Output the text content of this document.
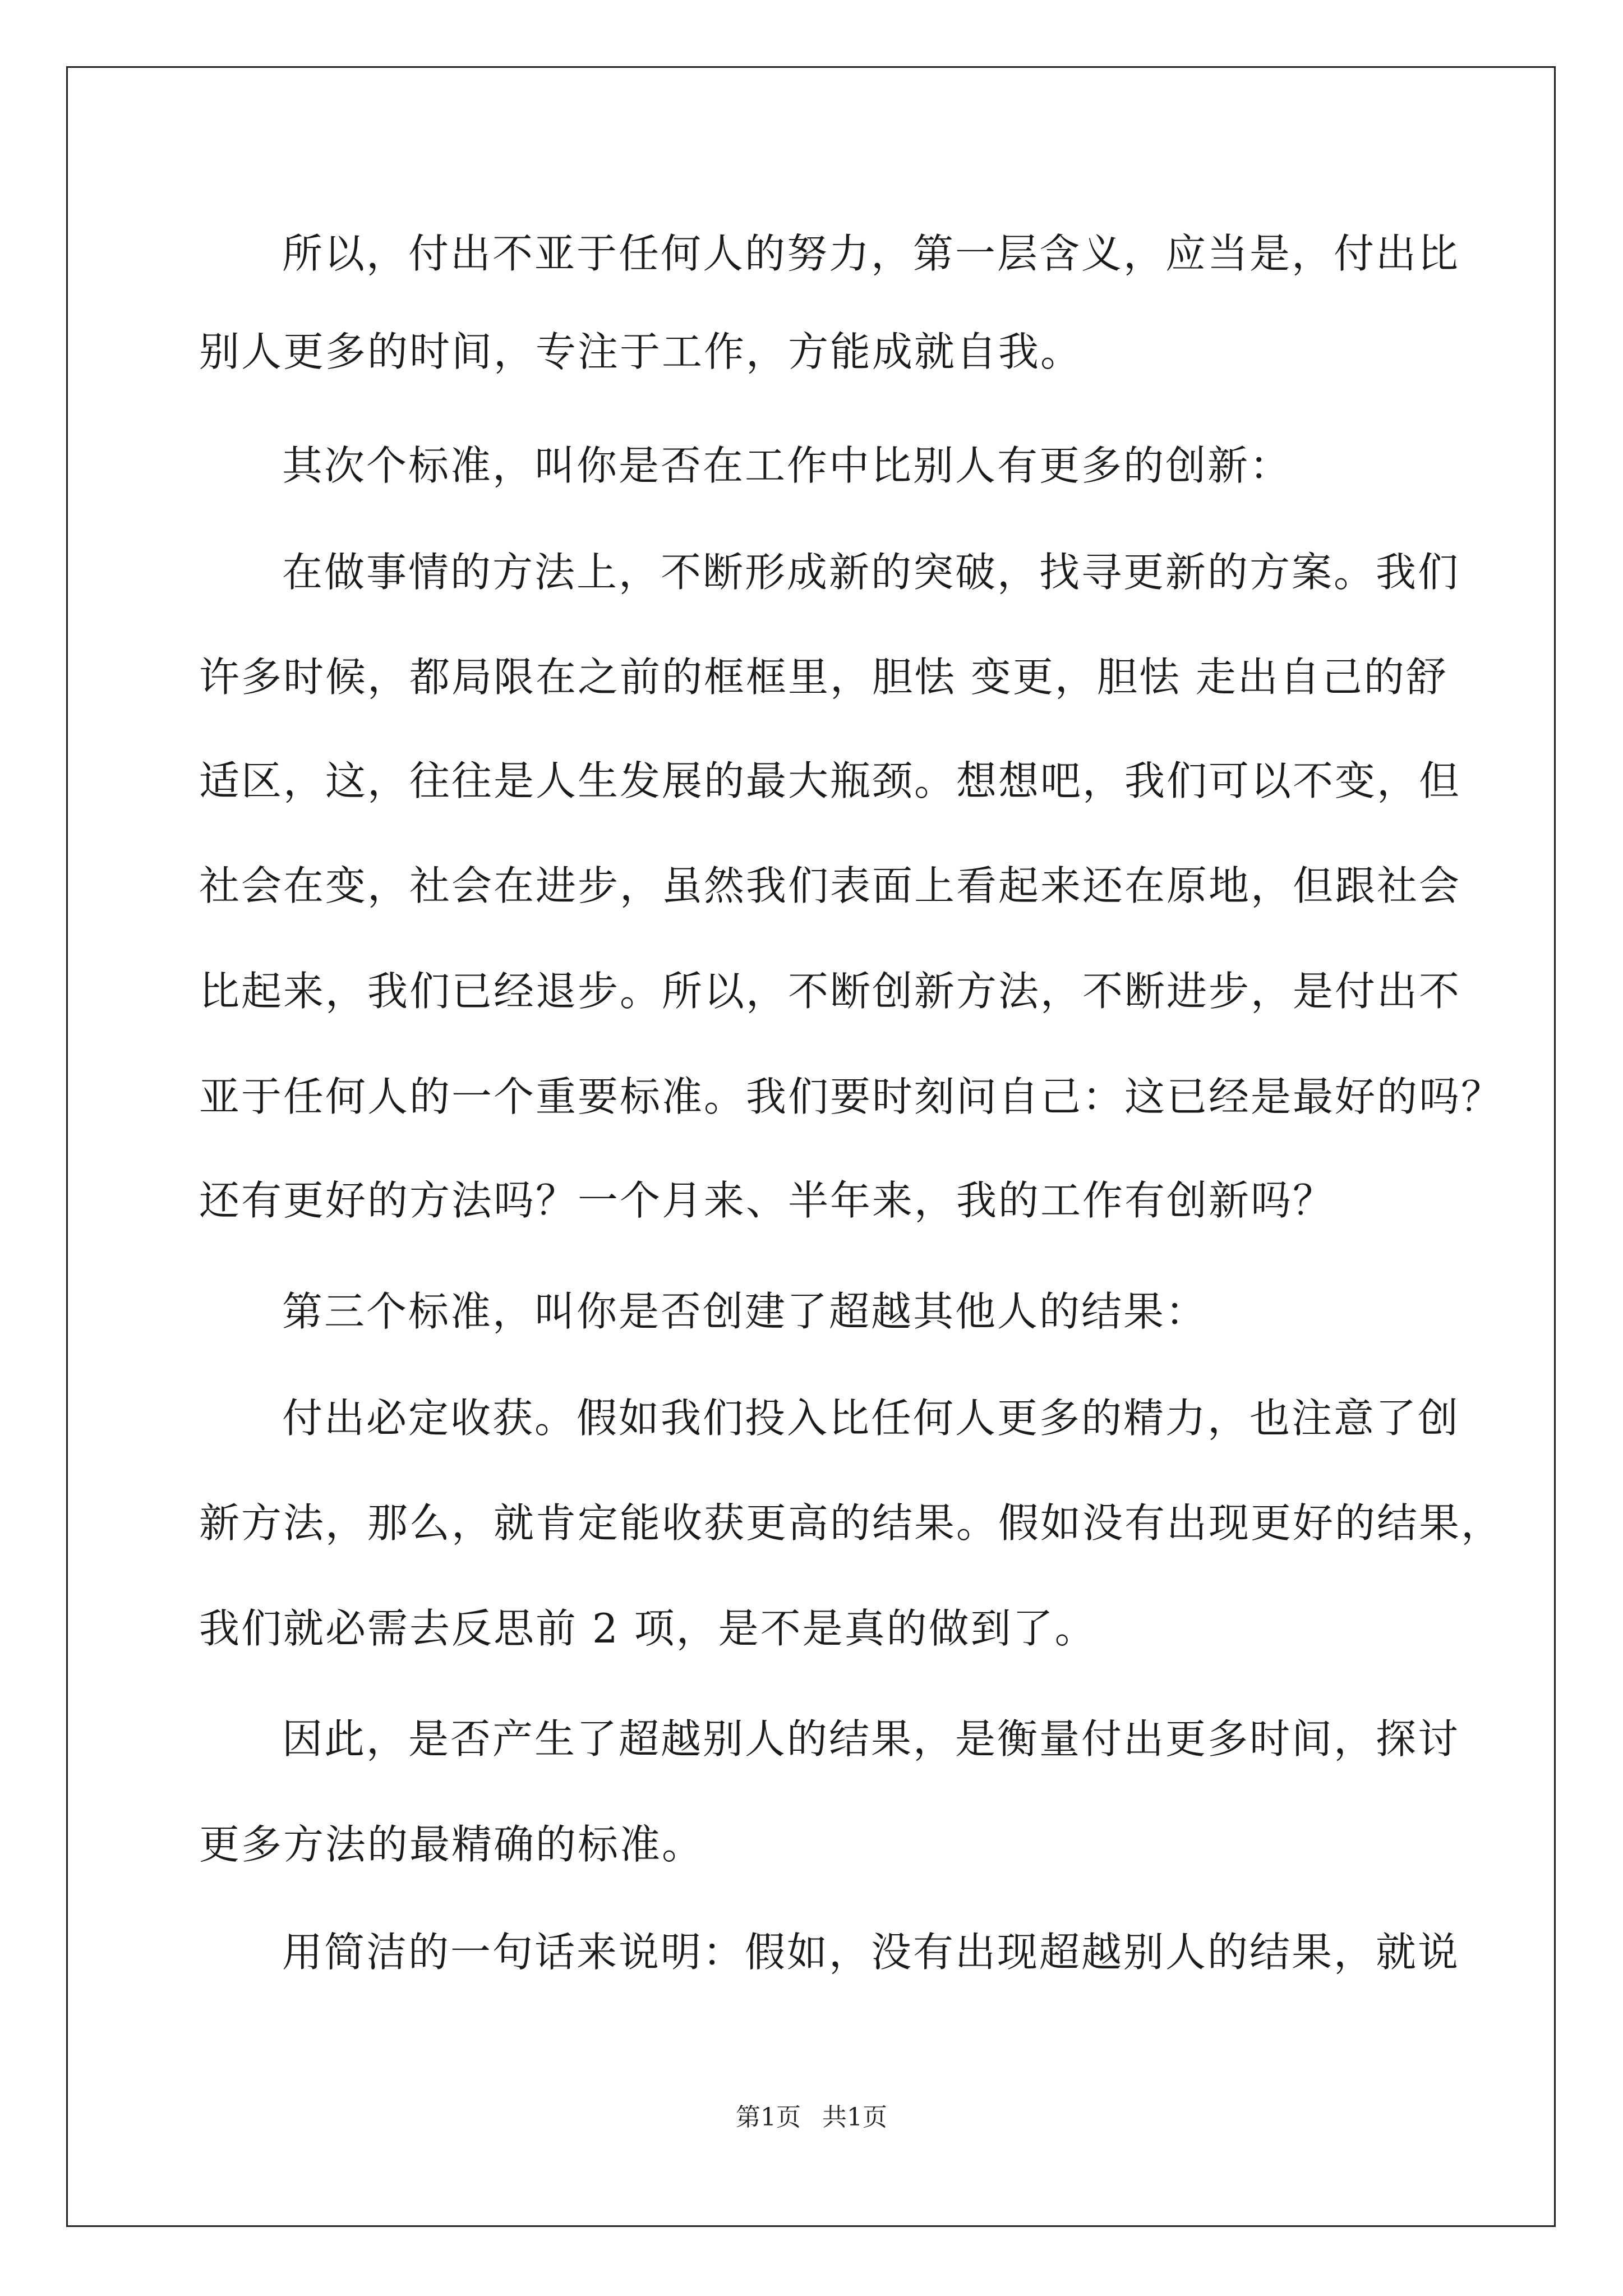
所以，付出不亚于任何人的努力，第一层含义，应当是，付出比
别人更多的时间，专注于工作，方能成就自我。
其次个标准，叫你是否在工作中比别人有更多的创新：
在做事情的方法上，不断形成新的突破，找寻更新的方案。我们
许多时候，都局限在之前的框框里，胆怯 变更，胆怯 走出自己的舒
适区，这，往往是人生发展的最大瓶颈。想想吧，我们可以不变，但
社会在变，社会在进步，虽然我们表面上看起来还在原地，但跟社会
比起来，我们已经退步。所以，不断创新方法，不断进步，是付出不
亚于任何人的一个重要标准。我们要时刻问自己：这已经是最好的吗？
还有更好的方法吗？一个月来、半年来，我的工作有创新吗？
第三个标准，叫你是否创建了超越其他人的结果：
付出必定收获。假如我们投入比任何人更多的精力，也注意了创
新方法，那么，就肯定能收获更高的结果。假如没有出现更好的结果，
我们就必需去反思前 2 项，是不是真的做到了。
因此，是否产生了超越别人的结果，是衡量付出更多时间，探讨
更多方法的最精确的标准。
用简洁的一句话来说明：假如，没有出现超越别人的结果，就说
第1页 共1页
